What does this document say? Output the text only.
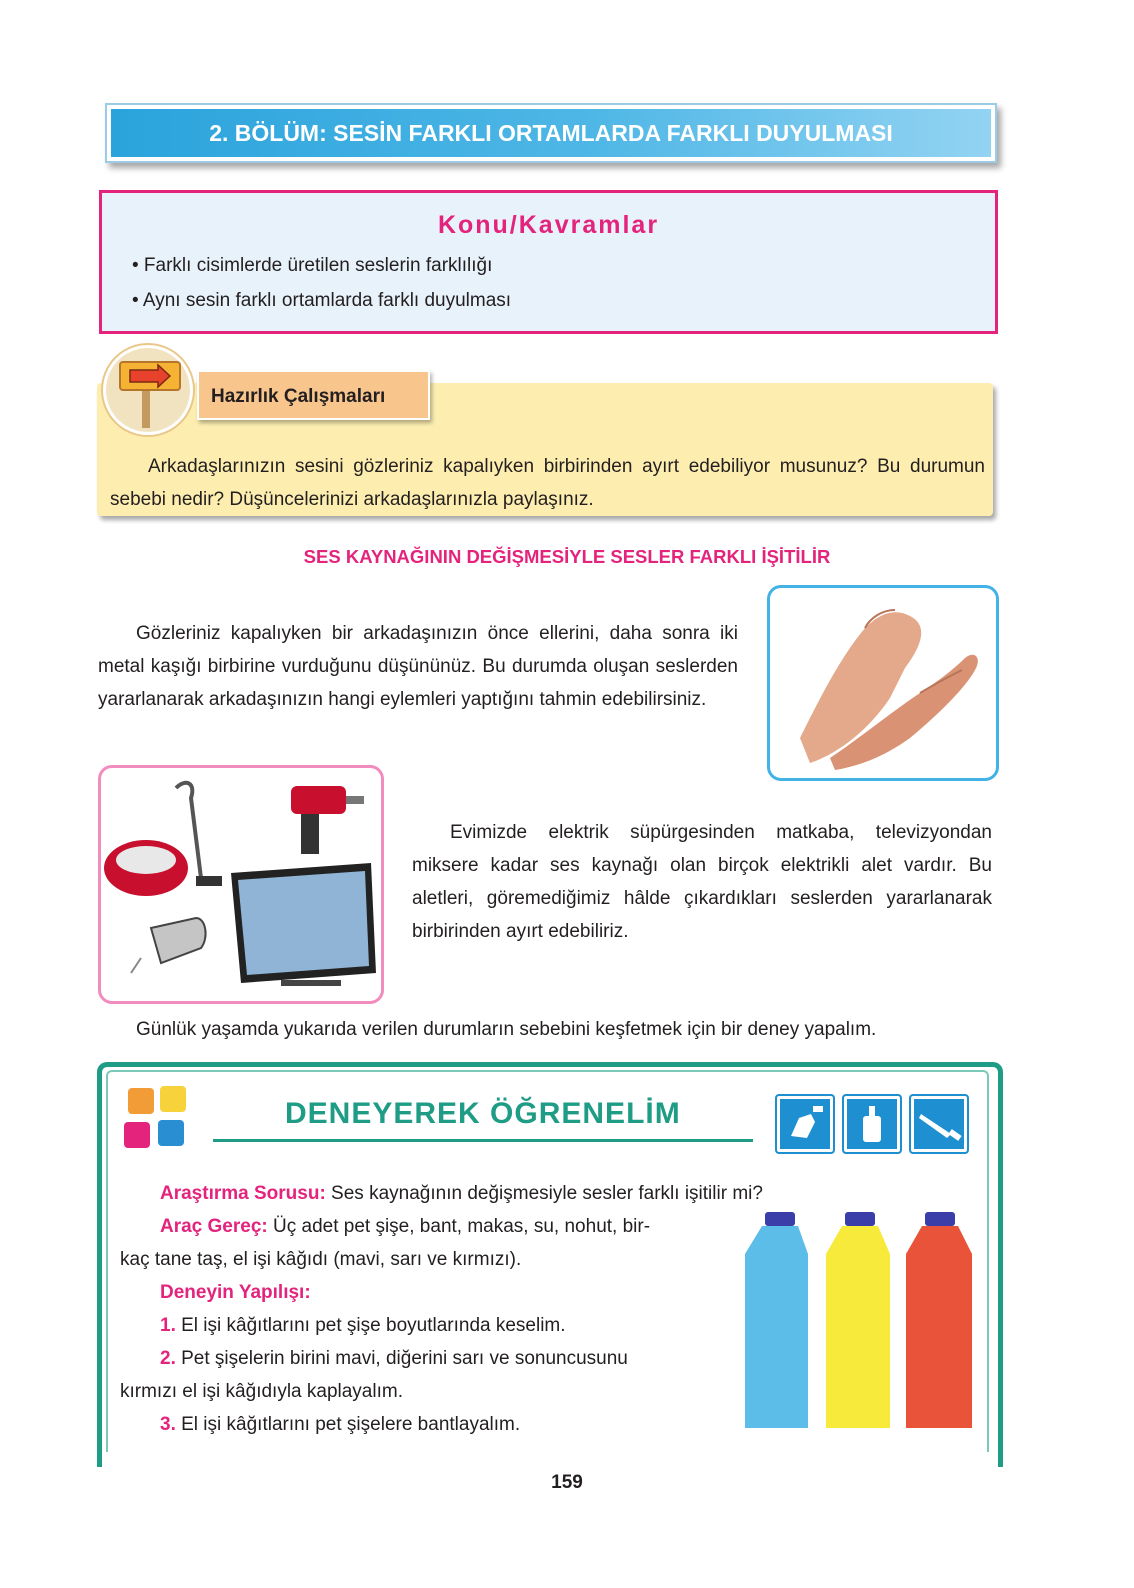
2. BÖLÜM: SESİN FARKLI ORTAMLARDA FARKLI DUYULMASI
Konu/Kavramlar
• Farklı cisimlerde üretilen seslerin farklılığı
• Aynı sesin farklı ortamlarda farklı duyulması
Hazırlık Çalışmaları
Arkadaşlarınızın sesini gözleriniz kapalıyken birbirinden ayırt edebiliyor musunuz? Bu durumun sebebi nedir? Düşüncelerinizi arkadaşlarınızla paylaşınız.
SES KAYNAĞININ DEĞİŞMESİYLE SESLER FARKLI İŞİTİLİR
Gözleriniz kapalıyken bir arkadaşınızın önce ellerini, daha sonra iki metal kaşığı birbirine vurduğunu düşününüz. Bu durumda oluşan seslerden yararlanarak arkadaşınızın hangi eylemleri yaptığını tahmin edebilirsiniz.
Evimizde elektrik süpürgesinden matkaba, televizyondan miksere kadar ses kaynağı olan birçok elektrikli alet vardır. Bu aletleri, göremediğimiz hâlde çıkardıkları seslerden yararlanarak birbirinden ayırt edebiliriz.
Günlük yaşamda yukarıda verilen durumların sebebini keşfetmek için bir deney yapalım.
DENEYEREK ÖĞRENELİM
Araştırma Sorusu: Ses kaynağının değişmesiyle sesler farklı işitilir mi?
Araç Gereç: Üç adet pet şişe, bant, makas, su, nohut, bir-
kaç tane taş, el işi kâğıdı (mavi, sarı ve kırmızı).
Deneyin Yapılışı:
1. El işi kâğıtlarını pet şişe boyutlarında keselim.
2. Pet şişelerin birini mavi, diğerini sarı ve sonuncusunu
kırmızı el işi kâğıdıyla kaplayalım.
3. El işi kâğıtlarını pet şişelere bantlayalım.
159
